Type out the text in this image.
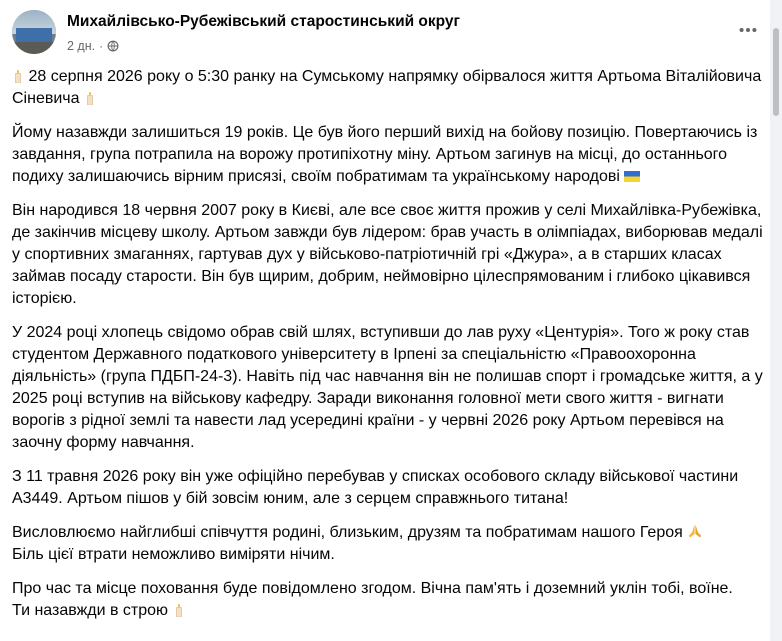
Михайлівсько-Рубежівський старостинський округ
2 дн. ·

28 серпня 2026 року о 5:30 ранку на Сумському напрямку обірвалося життя Артьома Віталійовича Сіневича

Йому назавжди залишиться 19 років. Це був його перший вихід на бойову позицію. Повертаючись із завдання, група потрапила на ворожу протипіхотну міну. Артьом загинув на місці, до останнього подиху залишаючись вірним присязі, своїм побратимам та українському народові

Він народився 18 червня 2007 року в Києві, але все своє життя прожив у селі Михайлівка-Рубежівка, де закінчив місцеву школу. Артьом завжди був лідером: брав участь в олімпіадах, виборював медалі у спортивних змаганнях, гартував дух у військово-патріотичній грі «Джура», а в старших класах займав посаду старости. Він був щирим, добрим, неймовірно цілеспрямованим і глибоко цікавився історією.

У 2024 році хлопець свідомо обрав свій шлях, вступивши до лав руху «Центурія». Того ж року став студентом Державного податкового університету в Ірпені за спеціальністю «Правоохоронна діяльність» (група ПДБП-24-3). Навіть під час навчання він не полишав спорт і громадське життя, а у 2025 році вступив на військову кафедру. Заради виконання головної мети свого життя - вигнати ворогів з рідної землі та навести лад усередині країни - у червні 2026 року Артьом перевівся на заочну форму навчання.

З 11 травня 2026 року він уже офіційно перебував у списках особового складу військової частини А3449. Артьом пішов у бій зовсім юним, але з серцем справжнього титана!

Висловлюємо найглибші співчуття родині, близьким, друзям та побратимам нашого Героя
Біль цієї втрати неможливо виміряти нічим.

Про час та місце поховання буде повідомлено згодом. Вічна пам'ять і доземний уклін тобі, воїне.
Ти назавжди в строю
